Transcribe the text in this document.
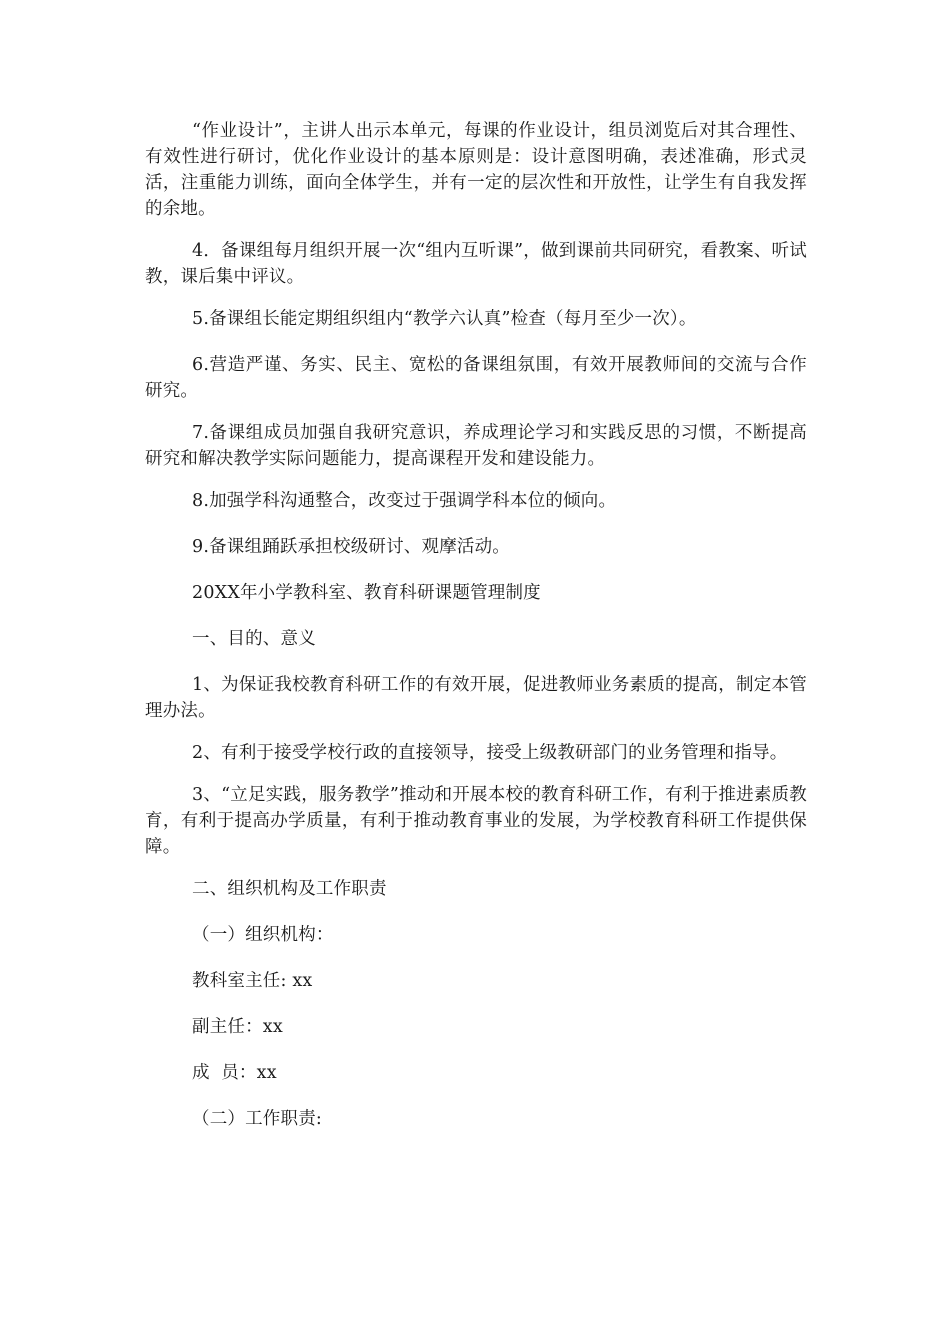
“作业设计”，主讲人出示本单元，每课的作业设计，组员浏览后对其合理性、有效性进行研讨，优化作业设计的基本原则是：设计意图明确，表述准确，形式灵活，注重能力训练，面向全体学生，并有一定的层次性和开放性，让学生有自我发挥的余地。

4．备课组每月组织开展一次“组内互听课”，做到课前共同研究，看教案、听试教，课后集中评议。

5.备课组长能定期组织组内“教学六认真”检查（每月至少一次）。

6.营造严谨、务实、民主、宽松的备课组氛围，有效开展教师间的交流与合作研究。

7.备课组成员加强自我研究意识，养成理论学习和实践反思的习惯，不断提高研究和解决教学实际问题能力，提高课程开发和建设能力。

8.加强学科沟通整合，改变过于强调学科本位的倾向。

9.备课组踊跃承担校级研讨、观摩活动。

20XX年小学教科室、教育科研课题管理制度

一、目的、意义

1、为保证我校教育科研工作的有效开展，促进教师业务素质的提高，制定本管理办法。

2、有利于接受学校行政的直接领导，接受上级教研部门的业务管理和指导。

3、“立足实践，服务教学”推动和开展本校的教育科研工作，有利于推进素质教育，有利于提高办学质量，有利于推动教育事业的发展，为学校教育科研工作提供保障。

二、组织机构及工作职责

（一）组织机构：

教科室主任: xx

副主任：xx

成  员：xx

（二）工作职责:
